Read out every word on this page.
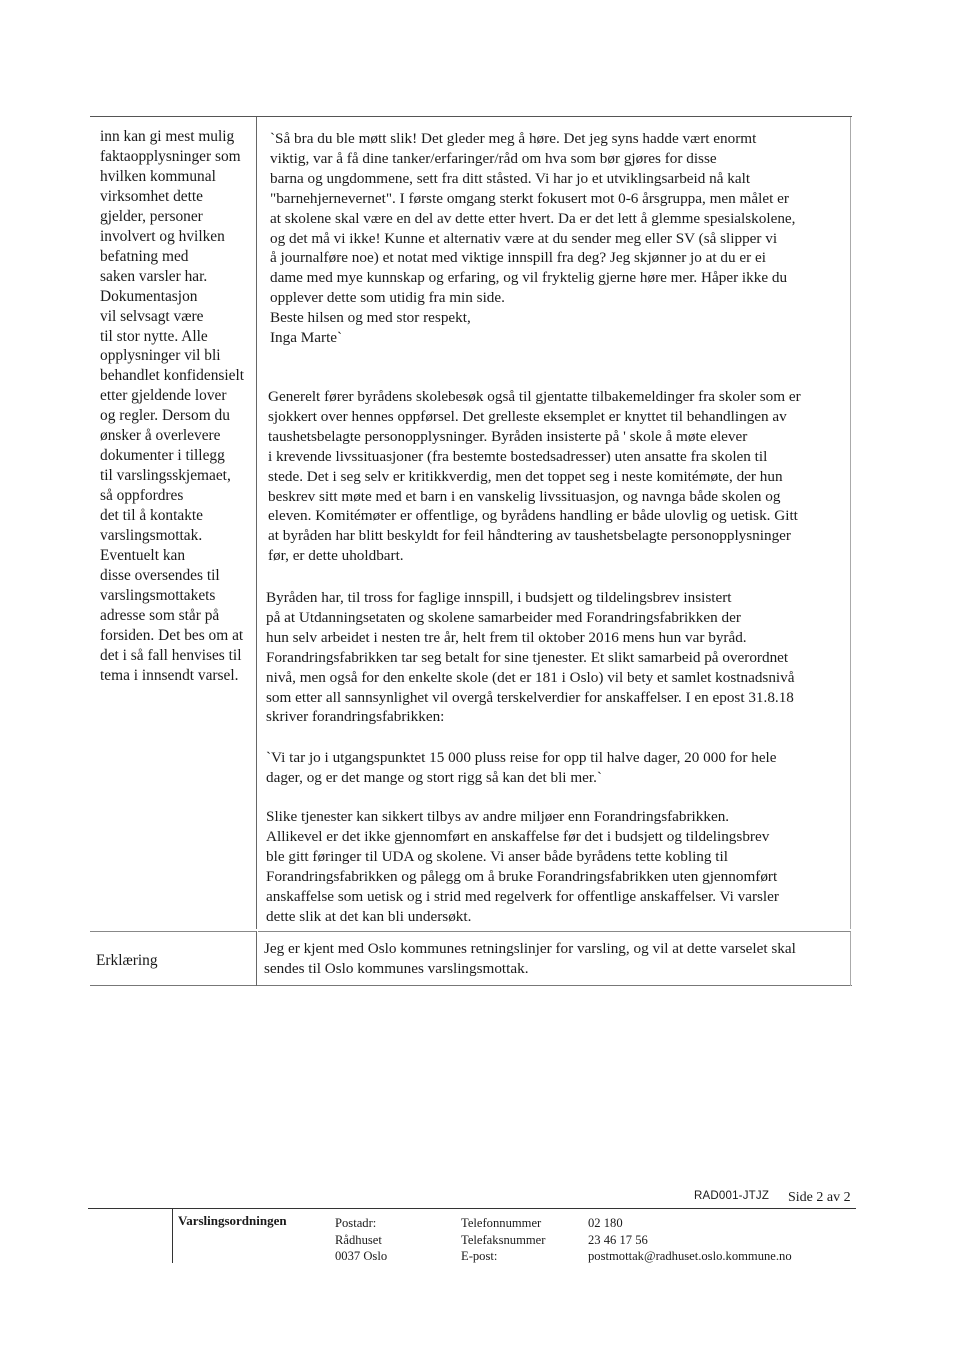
inn kan gi mest mulig
faktaopplysninger som
hvilken kommunal
virksomhet dette
gjelder, personer
involvert og hvilken
befatning med
saken varsler har.
Dokumentasjon
vil selvsagt være
til stor nytte. Alle
opplysninger vil bli
behandlet konfidensielt
etter gjeldende lover
og regler. Dersom du
ønsker å overlevere
dokumenter i tillegg
til varslingsskjemaet,
så oppfordres
det til å kontakte
varslingsmottak.
Eventuelt kan
disse oversendes til
varslingsmottakets
adresse som står på
forsiden. Det bes om at
det i så fall henvises til
tema i innsendt varsel.
`Så bra du ble møtt slik! Det gleder meg å høre. Det jeg syns hadde vært enormt
viktig, var å få dine tanker/erfaringer/råd om hva som bør gjøres for disse
barna og ungdommene, sett fra ditt ståsted. Vi har jo et utviklingsarbeid nå kalt
"barnehjernevernet". I første omgang sterkt fokusert mot 0-6 årsgruppa, men målet er
at skolene skal være en del av dette etter hvert. Da er det lett å glemme spesialskolene,
og det må vi ikke! Kunne et alternativ være at du sender meg eller SV (så slipper vi
å journalføre noe) et notat med viktige innspill fra deg? Jeg skjønner jo at du er ei
dame med mye kunnskap og erfaring, og vil fryktelig gjerne høre mer. Håper ikke du
opplever dette som utidig fra min side.
Beste hilsen og med stor respekt,
Inga Marte`
Generelt fører byrådens skolebesøk også til gjentatte tilbakemeldinger fra skoler som er
sjokkert over hennes oppførsel. Det grelleste eksemplet er knyttet til behandlingen av
taushetsbelagte personopplysninger. Byråden insisterte på ' skole å møte elever
i krevende livssituasjoner (fra bestemte bostedsadresser) uten ansatte fra skolen til
stede. Det i seg selv er kritikkverdig, men det toppet seg i neste komitémøte, der hun
beskrev sitt møte med et barn i en vanskelig livssituasjon, og navnga både skolen og
eleven. Komitémøter er offentlige, og byrådens handling er både ulovlig og uetisk. Gitt
at byråden har blitt beskyldt for feil håndtering av taushetsbelagte personopplysninger
før, er dette uholdbart.
Byråden har, til tross for faglige innspill, i budsjett og tildelingsbrev insistert
på at Utdanningsetaten og skolene samarbeider med Forandringsfabrikken der
hun selv arbeidet i nesten tre år, helt frem til oktober 2016 mens hun var byråd.
Forandringsfabrikken tar seg betalt for sine tjenester. Et slikt samarbeid på overordnet
nivå, men også for den enkelte skole (det er 181 i Oslo) vil bety et samlet kostnadsnivå
som etter all sannsynlighet vil overgå terskelverdier for anskaffelser. I en epost 31.8.18
skriver forandringsfabrikken:
`Vi tar jo i utgangspunktet 15 000 pluss reise for opp til halve dager, 20 000 for hele
dager, og er det mange og stort rigg så kan det bli mer.`
Slike tjenester kan sikkert tilbys av andre miljøer enn Forandringsfabrikken.
Allikevel er det ikke gjennomført en anskaffelse før det i budsjett og tildelingsbrev
ble gitt føringer til UDA og skolene. Vi anser både byrådens tette kobling til
Forandringsfabrikken og pålegg om å bruke Forandringsfabrikken uten gjennomført
anskaffelse som uetisk og i strid med regelverk for offentlige anskaffelser. Vi varsler
dette slik at det kan bli undersøkt.
Erklæring
Jeg er kjent med Oslo kommunes retningslinjer for varsling, og vil at dette varselet skal
sendes til Oslo kommunes varslingsmottak.
RAD001-JTJZ Side 2 av 2
Varslingsordningen	Postadr:
Rådhuset
0037 Oslo
Telefonnummer
Telefaksnummer
E-post:
02 180
23 46 17 56
postmottak@radhuset.oslo.kommune.no
